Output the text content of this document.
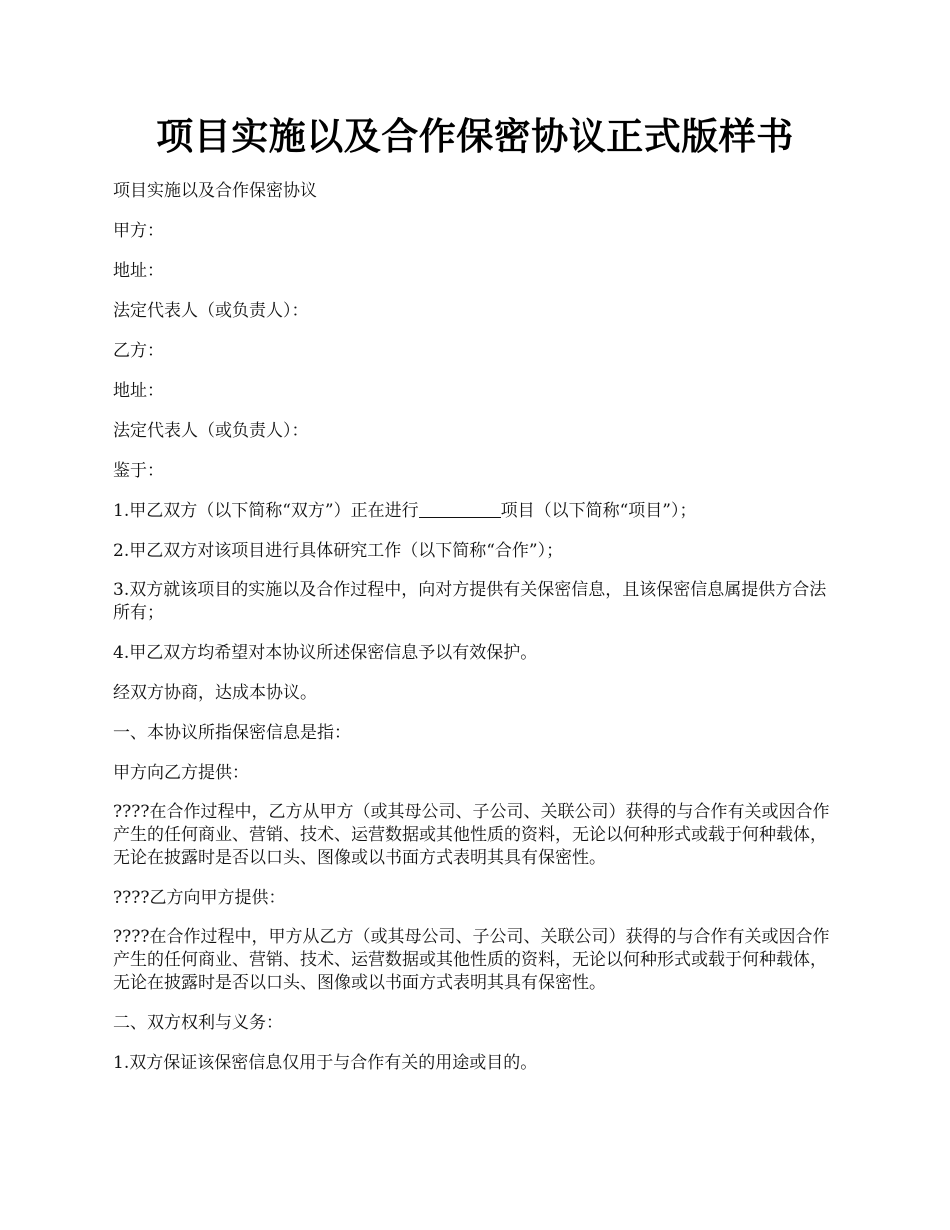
项目实施以及合作保密协议正式版样书

项目实施以及合作保密协议

甲方：

地址：

法定代表人（或负责人）：

乙方：

地址：

法定代表人（或负责人）：

鉴于：

1.甲乙双方（以下简称“双方”）正在进行	项目（以下简称“项目”）；

2.甲乙双方对该项目进行具体研究工作（以下简称“合作”）；

3.双方就该项目的实施以及合作过程中，向对方提供有关保密信息，且该保密信息属提供方合法所有；

4.甲乙双方均希望对本协议所述保密信息予以有效保护。

经双方协商，达成本协议。

一、本协议所指保密信息是指：

甲方向乙方提供：

????在合作过程中，乙方从甲方（或其母公司、子公司、关联公司）获得的与合作有关或因合作产生的任何商业、营销、技术、运营数据或其他性质的资料，无论以何种形式或载于何种载体，无论在披露时是否以口头、图像或以书面方式表明其具有保密性。

????乙方向甲方提供：

????在合作过程中，甲方从乙方（或其母公司、子公司、关联公司）获得的与合作有关或因合作产生的任何商业、营销、技术、运营数据或其他性质的资料，无论以何种形式或载于何种载体，无论在披露时是否以口头、图像或以书面方式表明其具有保密性。

二、双方权利与义务：

1.双方保证该保密信息仅用于与合作有关的用途或目的。
